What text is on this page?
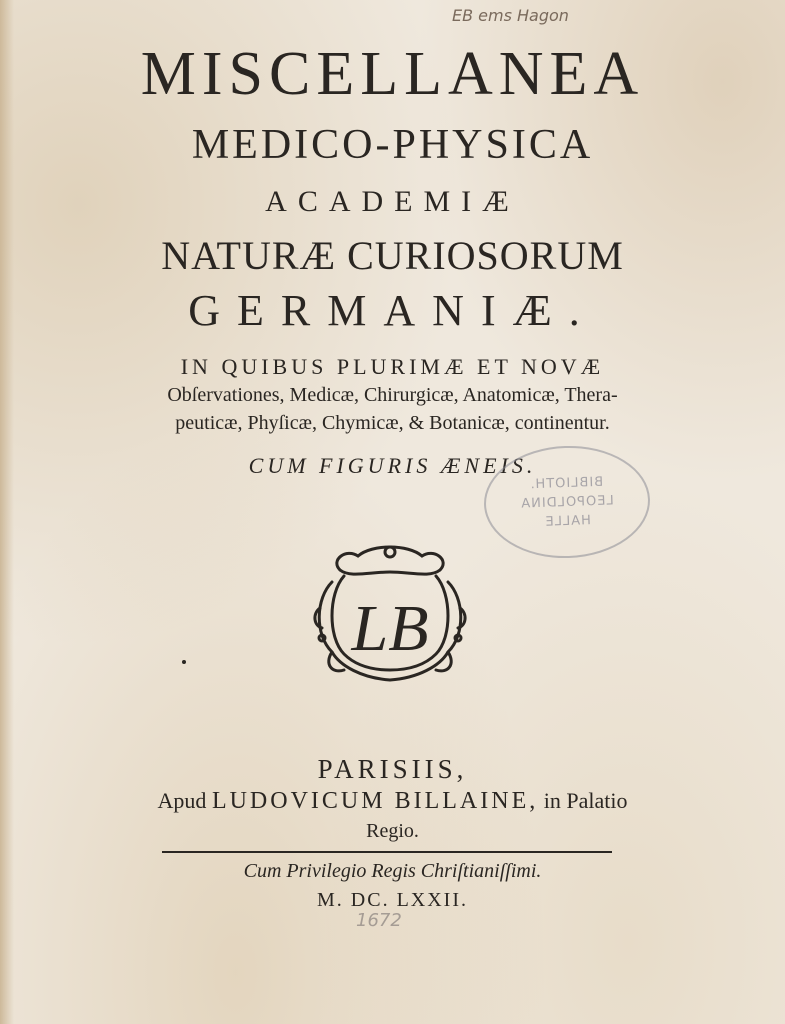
EB ems Hagon
MISCELLANEA
MEDICO-PHYSICA
ACADEMIÆ
NATURÆ CURIOSORUM
GERMANIÆ.
IN QUIBUS PLURIMÆ ET NOVÆ
Obſervationes, Medicæ, Chirurgicæ, Anatomicæ, Thera-
peuticæ, Phyſicæ, Chymicæ, & Botanicæ, continentur.
CUM FIGURIS ÆNEIS.
BIBLIOTH.
LEOPOLDINA
HALLE
LB
PARISIIS,
Apud LUDOVICUM BILLAINE, in Palatio
Regio.
Cum Privilegio Regis Chriſtianiſſimi.
M. DC. LXXII.
1672
